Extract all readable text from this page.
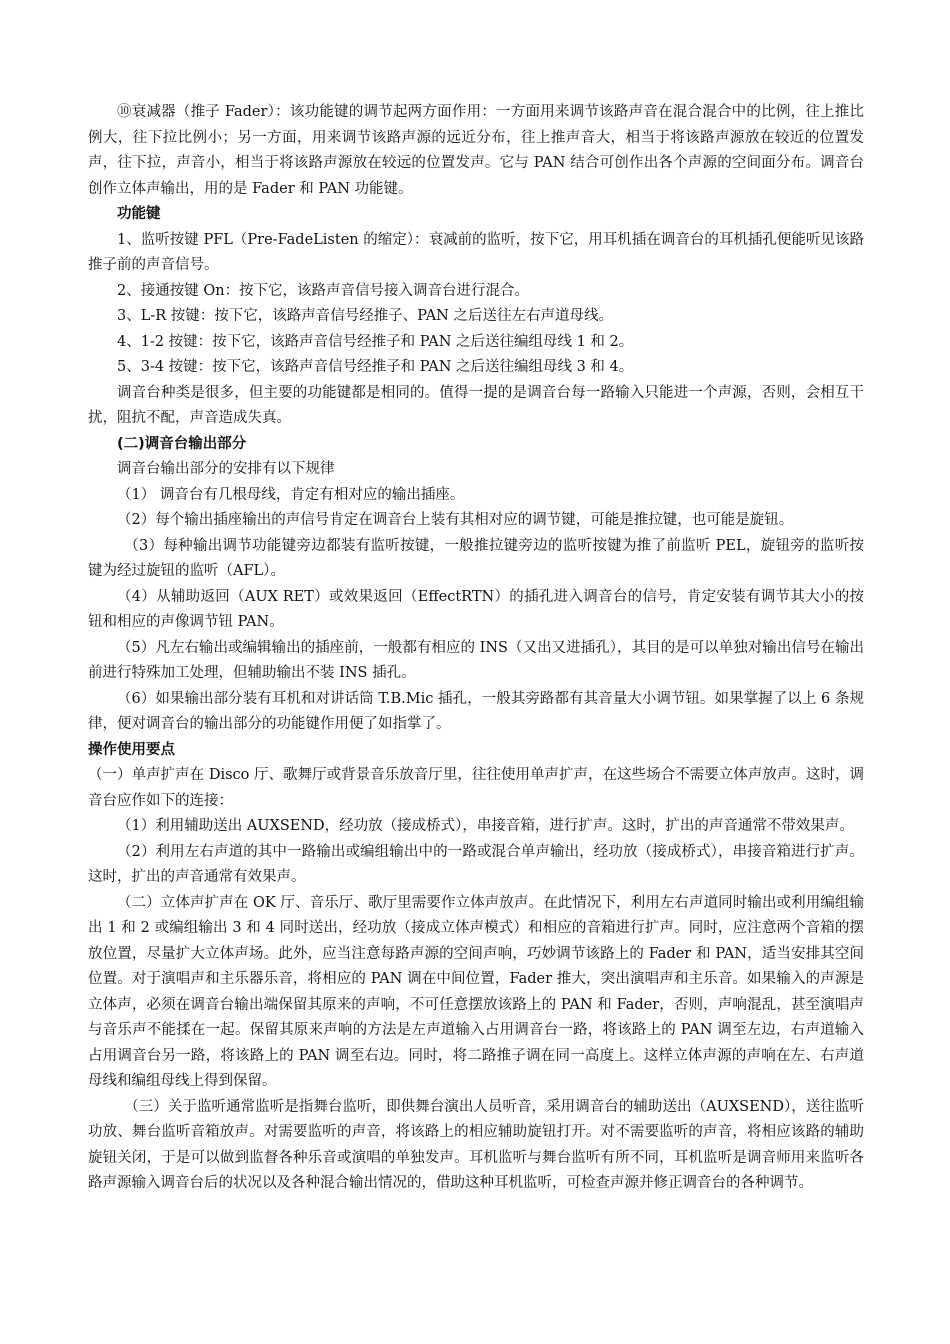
⑩衰减器（推子 Fader）：该功能键的调节起两方面作用：一方面用来调节该路声音在混合混合中的比例，往上推比例大，往下拉比例小；另一方面，用来调节该路声源的远近分布，往上推声音大，相当于将该路声源放在较近的位置发声，往下拉，声音小，相当于将该路声源放在较远的位置发声。它与 PAN 结合可创作出各个声源的空间面分布。调音台创作立体声输出，用的是 Fader 和 PAN 功能键。

功能键

1、监听按键 PFL（Pre-FadeListen 的缩定）：衰减前的监听，按下它，用耳机插在调音台的耳机插孔便能听见该路推子前的声音信号。

2、接通按键 On：按下它，该路声音信号接入调音台进行混合。

3、L-R 按键：按下它，该路声音信号经推子、PAN 之后送往左右声道母线。

4、1-2 按键：按下它，该路声音信号经推子和 PAN 之后送往编组母线 1 和 2。

5、3-4 按键：按下它，该路声音信号经推子和 PAN 之后送往编组母线 3 和 4。

调音台种类是很多，但主要的功能键都是相同的。值得一提的是调音台每一路输入只能进一个声源，否则，会相互干扰，阻抗不配，声音造成失真。

(二)调音台输出部分

调音台输出部分的安排有以下规律

（1） 调音台有几根母线，肯定有相对应的输出插座。

（2）每个输出插座输出的声信号肯定在调音台上装有其相对应的调节键，可能是推拉键，也可能是旋钮。

（3）每种输出调节功能键旁边都装有监听按键，一般推拉键旁边的监听按键为推了前监听 PEL，旋钮旁的监听按键为经过旋钮的监听（AFL）。

（4）从辅助返回（AUX RET）或效果返回（EffectRTN）的插孔进入调音台的信号，肯定安装有调节其大小的按钮和相应的声像调节钮 PAN。

（5）凡左右输出或编辑输出的插座前，一般都有相应的 INS（又出又进插孔），其目的是可以单独对输出信号在输出前进行特殊加工处理，但辅助输出不装 INS 插孔。

（6）如果输出部分装有耳机和对讲话筒 T.B.Mic 插孔，一般其旁路都有其音量大小调节钮。如果掌握了以上 6 条规律，便对调音台的输出部分的功能键作用便了如指掌了。

操作使用要点

（一）单声扩声在 Disco 厅、歌舞厅或背景音乐放音厅里，往往使用单声扩声，在这些场合不需要立体声放声。这时，调音台应作如下的连接：

（1）利用辅助送出 AUXSEND，经功放（接成桥式），串接音箱，进行扩声。这时，扩出的声音通常不带效果声。

（2）利用左右声道的其中一路输出或编组输出中的一路或混合单声输出，经功放（接成桥式），串接音箱进行扩声。这时，扩出的声音通常有效果声。

（二）立体声扩声在 OK 厅、音乐厅、歌厅里需要作立体声放声。在此情况下，利用左右声道同时输出或利用编组输出 1 和 2 或编组输出 3 和 4 同时送出，经功放（接成立体声模式）和相应的音箱进行扩声。同时，应注意两个音箱的摆放位置，尽量扩大立体声场。此外，应当注意每路声源的空间声响，巧妙调节该路上的 Fader 和 PAN，适当安排其空间位置。对于演唱声和主乐器乐音，将相应的 PAN 调在中间位置，Fader 推大，突出演唱声和主乐音。如果输入的声源是立体声，必须在调音台输出端保留其原来的声响，不可任意摆放该路上的 PAN 和 Fader，否则，声响混乱，甚至演唱声与音乐声不能揉在一起。保留其原来声响的方法是左声道输入占用调音台一路，将该路上的 PAN 调至左边，右声道输入占用调音台另一路，将该路上的 PAN 调至右边。同时，将二路推子调在同一高度上。这样立体声源的声响在左、右声道母线和编组母线上得到保留。

（三）关于监听通常监听是指舞台监听，即供舞台演出人员听音，采用调音台的辅助送出（AUXSEND），送往监听功放、舞台监听音箱放声。对需要监听的声音，将该路上的相应辅助旋钮打开。对不需要监听的声音，将相应该路的辅助旋钮关闭，于是可以做到监督各种乐音或演唱的单独发声。耳机监听与舞台监听有所不同，耳机监听是调音师用来监听各路声源输入调音台后的状况以及各种混合输出情况的，借助这种耳机监听，可检查声源并修正调音台的各种调节。
